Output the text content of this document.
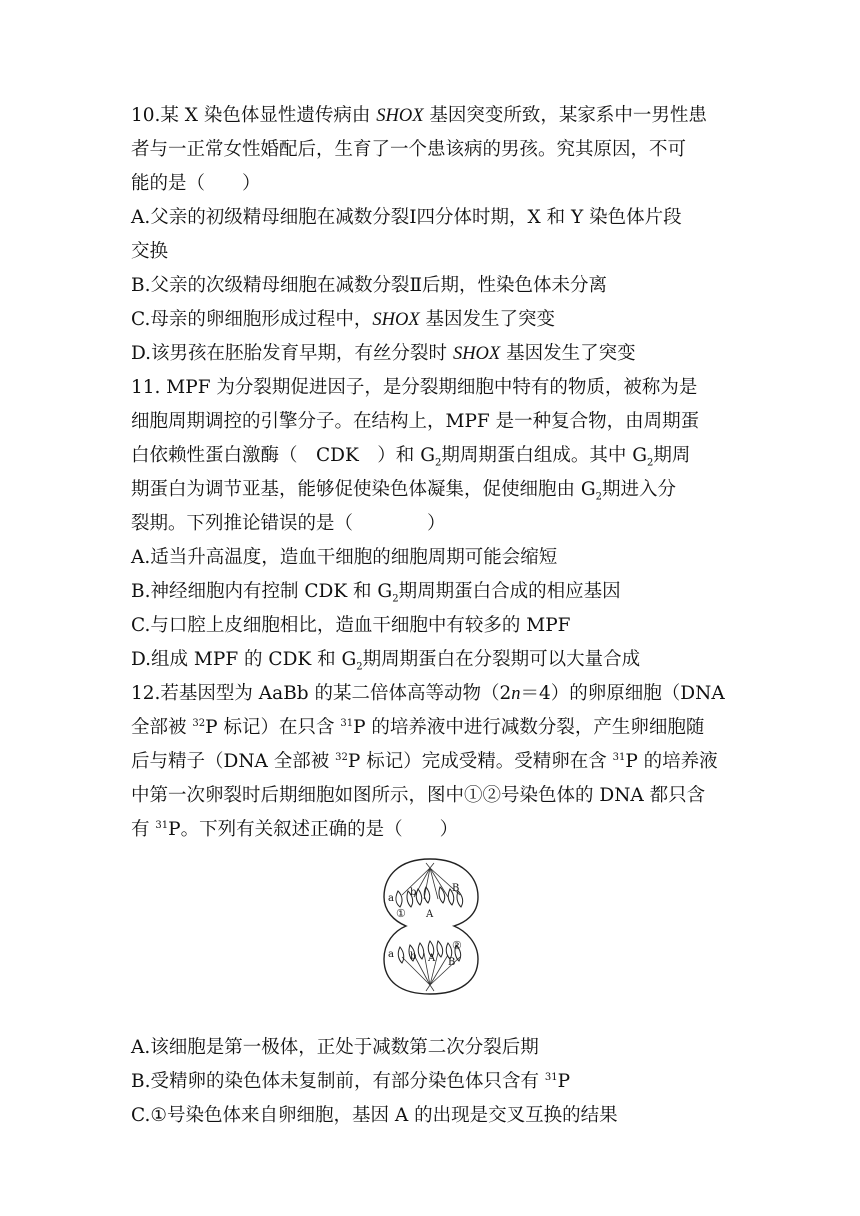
10.某 X 染色体显性遗传病由 SHOX 基因突变所致，某家系中一男性患
者与一正常女性婚配后，生育了一个患该病的男孩。究其原因，不可
能的是（　　）
A.父亲的初级精母细胞在减数分裂Ⅰ四分体时期，X 和 Y 染色体片段
交换
B.父亲的次级精母细胞在减数分裂Ⅱ后期，性染色体未分离
C.母亲的卵细胞形成过程中，SHOX 基因发生了突变
D.该男孩在胚胎发育早期，有丝分裂时 SHOX 基因发生了突变
11. MPF 为分裂期促进因子，是分裂期细胞中特有的物质，被称为是
细胞周期调控的引擎分子。在结构上，MPF 是一种复合物，由周期蛋
白依赖性蛋白激酶（　CDK　）和 $G_2$期周期蛋白组成。其中 $G_2$期周
期蛋白为调节亚基，能够促使染色体凝集，促使细胞由 $G_2$期进入分
裂期。下列推论错误的是（　　　　）
A.适当升高温度，造血干细胞的细胞周期可能会缩短
B.神经细胞内有控制 CDK 和 $G_2$期周期蛋白合成的相应基因
C.与口腔上皮细胞相比，造血干细胞中有较多的 MPF
D.组成 MPF 的 CDK 和 $G_2$期周期蛋白在分裂期可以大量合成
12.若基因型为 AaBb 的某二倍体高等动物（2n＝4）的卵原细胞（DNA
全部被 $^{32}$P 标记）在只含 $^{31}$P 的培养液中进行减数分裂，产生卵细胞随
后与精子（DNA 全部被 $^{32}$P 标记）完成受精。受精卵在含 $^{31}$P 的培养液
中第一次卵裂时后期细胞如图所示，图中①②号染色体的 DNA 都只含
有 $^{31}$P。下列有关叙述正确的是（　　）
a
b	B
A
①
a b A B
②
A.该细胞是第一极体，正处于减数第二次分裂后期
B.受精卵的染色体未复制前，有部分染色体只含有 $^{31}$P
C.①号染色体来自卵细胞，基因 A 的出现是交叉互换的结果
